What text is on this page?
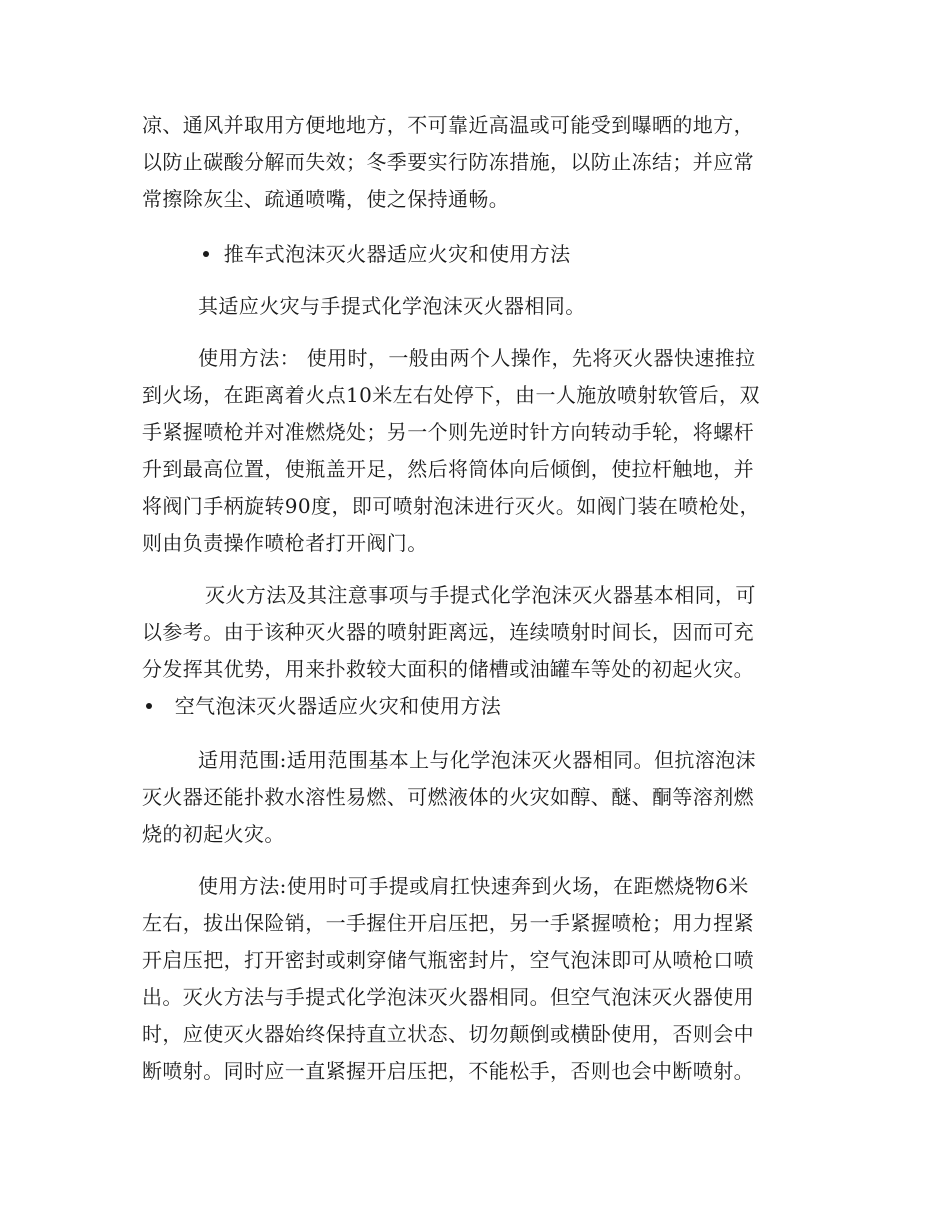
凉、通风并取用方便地地方，不可靠近高温或可能受到曝晒的地方，
以防止碳酸分解而失效；冬季要实行防冻措施，以防止冻结；并应常
常擦除灰尘、疏通喷嘴，使之保持通畅。
推车式泡沫灭火器适应火灾和使用方法
其适应火灾与手提式化学泡沫灭火器相同。
使用方法： 使用时，一般由两个人操作，先将灭火器快速推拉
到火场，在距离着火点10米左右处停下，由一人施放喷射软管后，双
手紧握喷枪并对准燃烧处；另一个则先逆时针方向转动手轮，将螺杆
升到最高位置，使瓶盖开足，然后将筒体向后倾倒，使拉杆触地，并
将阀门手柄旋转90度，即可喷射泡沫进行灭火。如阀门装在喷枪处，
则由负责操作喷枪者打开阀门。
灭火方法及其注意事项与手提式化学泡沫灭火器基本相同，可
以参考。由于该种灭火器的喷射距离远，连续喷射时间长，因而可充
分发挥其优势，用来扑救较大面积的储槽或油罐车等处的初起火灾。
空气泡沫灭火器适应火灾和使用方法
适用范围:适用范围基本上与化学泡沫灭火器相同。但抗溶泡沫
灭火器还能扑救水溶性易燃、可燃液体的火灾如醇、醚、酮等溶剂燃
烧的初起火灾。
使用方法:使用时可手提或肩扛快速奔到火场，在距燃烧物6米
左右，拔出保险销，一手握住开启压把，另一手紧握喷枪；用力捏紧
开启压把，打开密封或刺穿储气瓶密封片，空气泡沫即可从喷枪口喷
出。灭火方法与手提式化学泡沫灭火器相同。但空气泡沫灭火器使用
时，应使灭火器始终保持直立状态、切勿颠倒或横卧使用，否则会中
断喷射。同时应一直紧握开启压把，不能松手，否则也会中断喷射。
